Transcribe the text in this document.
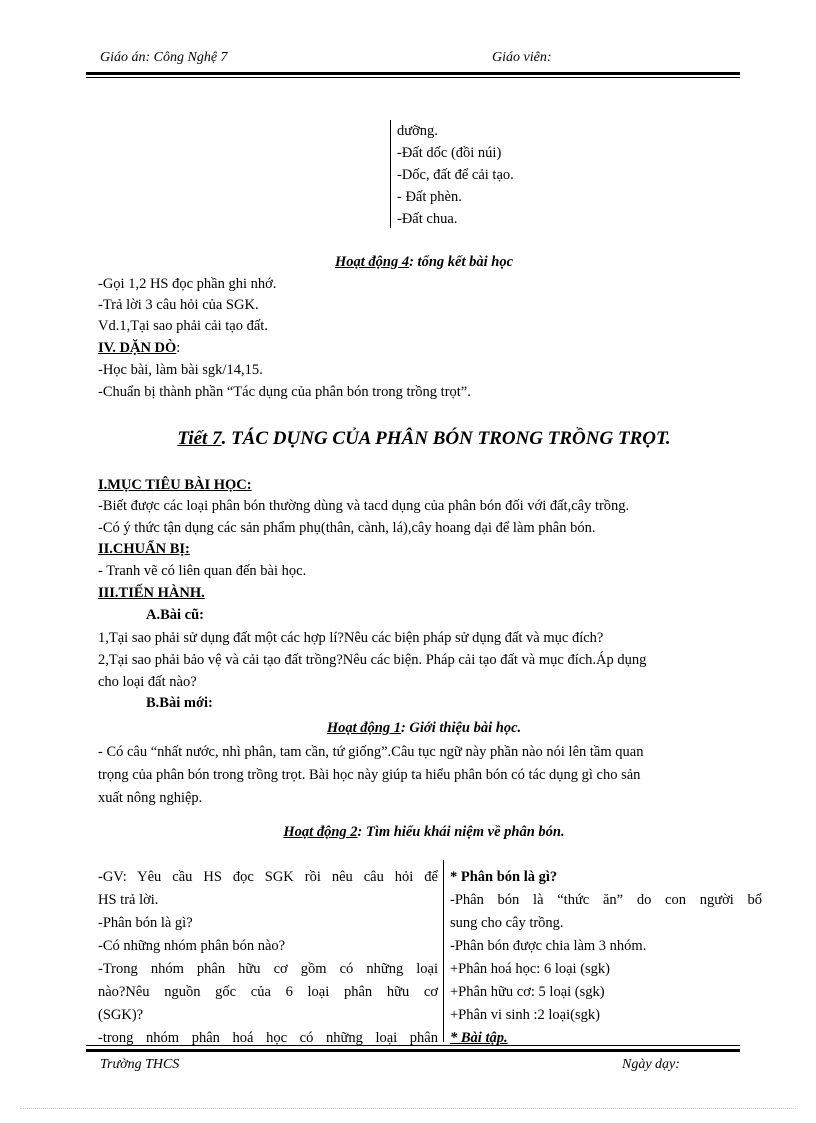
Giáo án: Công Nghệ 7	Giáo viên:
dưỡng.
-Đất dốc (đồi núi)
-Dốc, đất để cải tạo.
- Đất phèn.
-Đất chua.
Hoạt động 4: tổng kết bài học
-Gọi 1,2 HS đọc phần ghi nhớ.
-Trả lời 3 câu hỏi của SGK.
Vd.1,Tại sao phải cải tạo đất.
IV. DẶN DÒ:
-Học bài, làm bài sgk/14,15.
-Chuẩn bị thành phần “Tác dụng của phân bón trong trồng trọt”.
Tiết 7. TÁC DỤNG CỦA PHÂN BÓN TRONG TRỒNG TRỌT.
I.MỤC TIÊU BÀI HỌC:
-Biết được các loại phân bón thường dùng và tacd dụng của phân bón đối với đất,cây trồng.
-Có ý thức tận dụng các sản phẩm phụ(thân, cành, lá),cây hoang dại để làm phân bón.
II.CHUẨN BỊ:
- Tranh vẽ có liên quan đến bài học.
III.TIẾN HÀNH.
A.Bài cũ:
1,Tại sao phải sử dụng đất một các hợp lí?Nêu các biện pháp sử dụng đất và mục đích?
2,Tại sao phải bảo vệ và cải tạo đất trồng?Nêu các biện. Pháp cải tạo đất và mục đích.Áp dụng
cho loại đất nào?
B.Bài mới:
Hoạt động 1: Giới thiệu bài học.
- Có câu “nhất nước, nhì phân, tam cần, tứ giống”.Câu tục ngữ này phần nào nói lên tầm quan
trọng của phân bón trong trồng trọt. Bài học này giúp ta hiểu phân bón có tác dụng gì cho sản
xuất nông nghiệp.
Hoạt động 2: Tìm hiểu khái niệm về phân bón.
-GV: Yêu cầu HS đọc SGK rồi nêu câu hỏi để
HS trả lời.
-Phân bón là gì?
-Có những nhóm phân bón nào?
-Trong nhóm phân hữu cơ gồm có những loại
nào?Nêu nguồn gốc của 6 loại phân hữu cơ
(SGK)?
-trong nhóm phân hoá học có những loại phân
* Phân bón là gì?
-Phân bón là “thức ăn” do con người bổ
sung cho cây trồng.
-Phân bón được chia làm 3 nhóm.
+Phân hoá học: 6 loại (sgk)
+Phân hữu cơ: 5 loại (sgk)
+Phân vi sinh :2 loại(sgk)
* Bài tập.
Trường THCS	Ngày dạy:
